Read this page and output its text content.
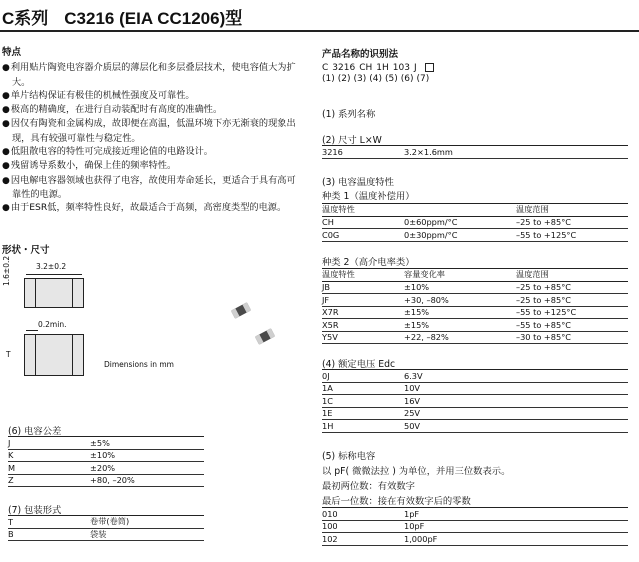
C系列 C3216 (EIA CC1206)型
特点
● 利用贴片陶瓷电容器介质层的薄层化和多层叠层技术，使电容值大为扩大。
● 单片结构保证有极佳的机械性强度及可靠性。
● 极高的精确度，在进行自动装配时有高度的准确性。
● 因仅有陶瓷和金属构成，故即便在高温，低温环境下亦无渐衰的现象出现，具有较强可靠性与稳定性。
● 低阻散电容的特性可完成接近理论值的电路设计。
● 残留诱导系数小，确保上佳的频率特性。
● 因电解电容器领域也获得了电容，故使用寿命延长，更适合于具有高可靠性的电源。
● 由于ESR低，频率特性良好，故最适合于高频，高密度类型的电源。
形状・尺寸
3.2±0.2
1.6±0.2
0.2min.
T
Dimensions in mm
(6) 电容公差
J	±5%
K	±10%
M	±20%
Z	+80, –20%
(7) 包装形式
T	卷带(卷筒)
B	袋装
产品名称的识别法
C 3216 CH 1H 103 J
(1) (2) (3) (4) (5) (6) (7)
(1) 系列名称
(2) 尺寸 L×W
3216	3.2×1.6mm
(3) 电容温度特性
种类 1（温度补偿用）
温度特性		温度范围
CH	0±60ppm/°C	–25 to +85°C
C0G	0±30ppm/°C	–55 to +125°C
种类 2（高介电率类）
温度特性	容量变化率	温度范围
JB	±10%	–25 to +85°C
JF	+30, –80%	–25 to +85°C
X7R	±15%	–55 to +125°C
X5R	±15%	–55 to +85°C
Y5V	+22, –82%	–30 to +85°C
(4) 额定电压 Edc
0J	6.3V
1A	10V
1C	16V
1E	25V
1H	50V
(5) 标称电容
以 pF( 微微法拉 ) 为单位，并用三位数表示。
最初两位数：有效数字
最后一位数：接在有效数字后的零数
010	1pF
100	10pF
102	1,000pF
